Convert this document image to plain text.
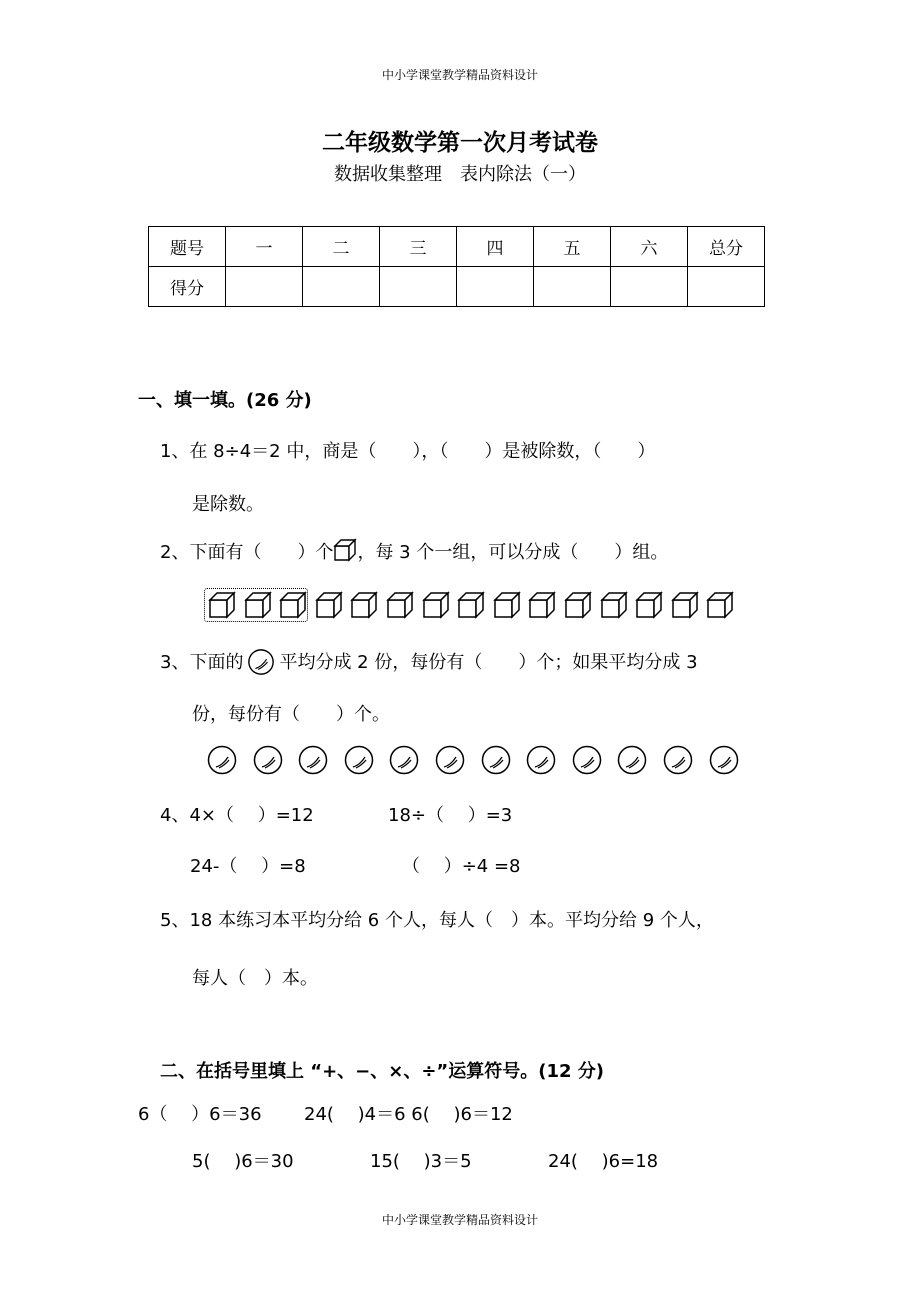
中小学课堂教学精品资料设计
二年级数学第一次月考试卷
数据收集整理　表内除法（一）
题号	一	二	三	四	五	六	总分
得分							
一、填一填。(26 分)
1、在 8÷4＝2 中，商是（　　），（　　）是被除数，（　　）
是除数。
2、下面有（　　）个 ，每 3 个一组，可以分成（　　）组。
3、下面的 平均分成 2 份，每份有（　　）个；如果平均分成 3
份，每份有（　　）个。
4、4×（　 ）=12	18÷（　 ）=3
24-（　 ）=8	（　 ）÷4 =8
5、18 本练习本平均分给 6 个人，每人（　）本。平均分给 9 个人，
每人（　）本。
二、在括号里填上 “+、−、×、÷”运算符号。(12 分)
6（　 ）6＝36 24(　 )4＝6 6(　 )6＝12
5(　 )6＝30	15(　 )3＝5	24(　 )6=18
中小学课堂教学精品资料设计
